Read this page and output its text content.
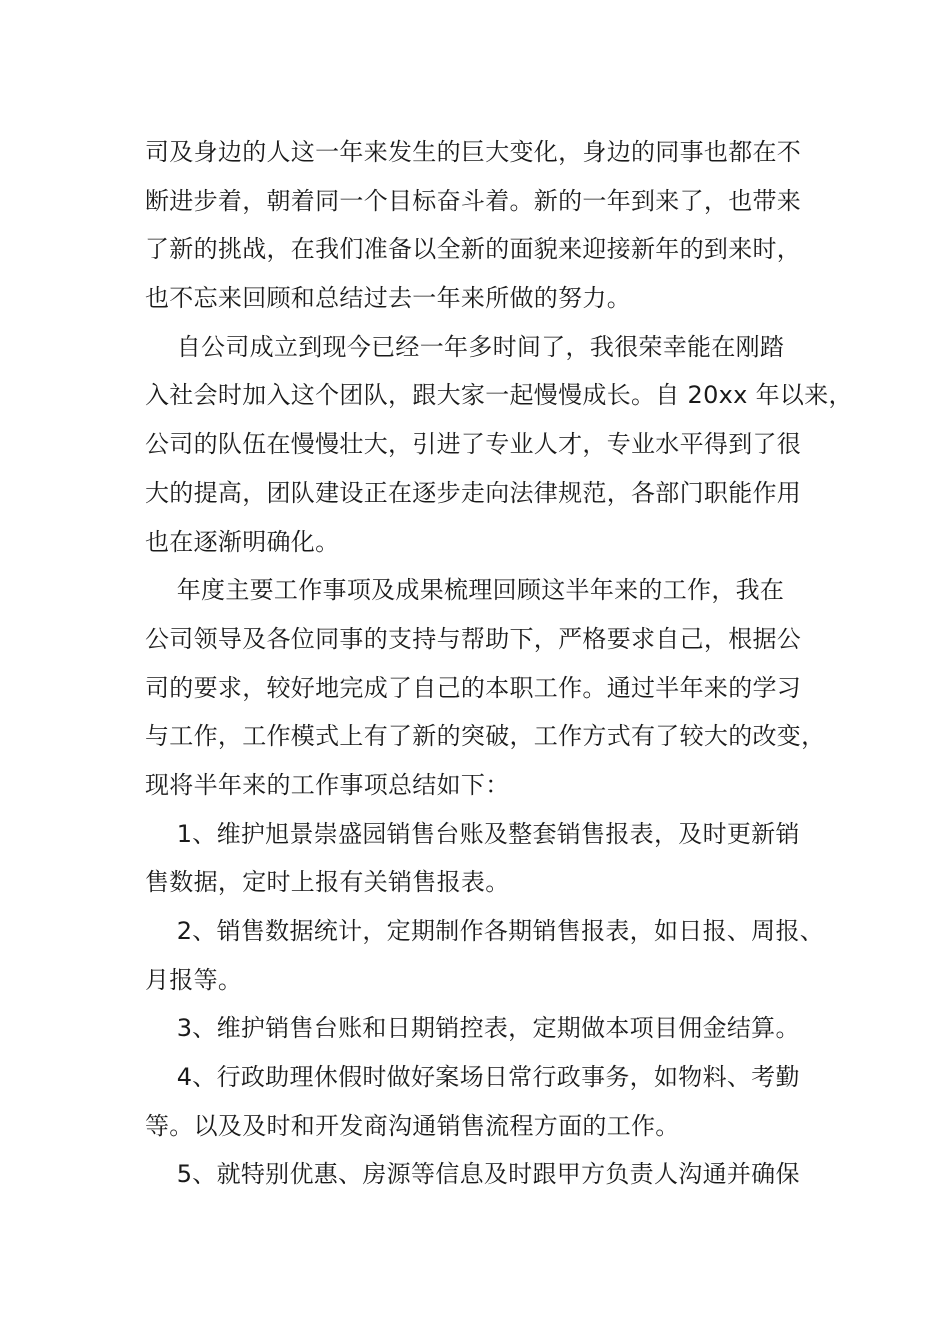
司及身边的人这一年来发生的巨大变化，身边的同事也都在不
断进步着，朝着同一个目标奋斗着。新的一年到来了，也带来
了新的挑战，在我们准备以全新的面貌来迎接新年的到来时，
也不忘来回顾和总结过去一年来所做的努力。
自公司成立到现今已经一年多时间了，我很荣幸能在刚踏
入社会时加入这个团队，跟大家一起慢慢成长。自 20xx 年以来，
公司的队伍在慢慢壮大，引进了专业人才，专业水平得到了很
大的提高，团队建设正在逐步走向法律规范，各部门职能作用
也在逐渐明确化。
年度主要工作事项及成果梳理回顾这半年来的工作，我在
公司领导及各位同事的支持与帮助下，严格要求自己，根据公
司的要求，较好地完成了自己的本职工作。通过半年来的学习
与工作，工作模式上有了新的突破，工作方式有了较大的改变，
现将半年来的工作事项总结如下：
1、维护旭景崇盛园销售台账及整套销售报表，及时更新销
售数据，定时上报有关销售报表。
2、销售数据统计，定期制作各期销售报表，如日报、周报、
月报等。
3、维护销售台账和日期销控表，定期做本项目佣金结算。
4、行政助理休假时做好案场日常行政事务，如物料、考勤
等。以及及时和开发商沟通销售流程方面的工作。
5、就特别优惠、房源等信息及时跟甲方负责人沟通并确保
